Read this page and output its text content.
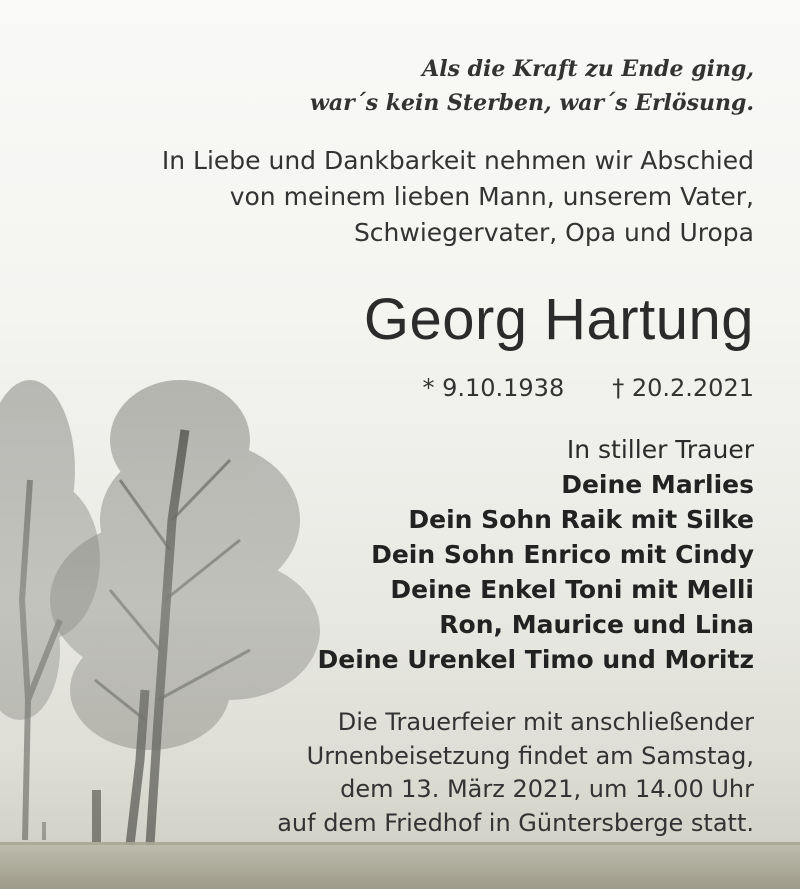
Als die Kraft zu Ende ging,
war´s kein Sterben, war´s Erlösung.
In Liebe und Dankbarkeit nehmen wir Abschied
von meinem lieben Mann, unserem Vater,
Schwiegervater, Opa und Uropa
Georg Hartung
* 9.10.1938 † 20.2.2021
In stiller Trauer
Deine Marlies
Dein Sohn Raik mit Silke
Dein Sohn Enrico mit Cindy
Deine Enkel Toni mit Melli
Ron, Maurice und Lina
Deine Urenkel Timo und Moritz
Die Trauerfeier mit anschließender
Urnenbeisetzung findet am Samstag,
dem 13. März 2021, um 14.00 Uhr
auf dem Friedhof in Güntersberge statt.
